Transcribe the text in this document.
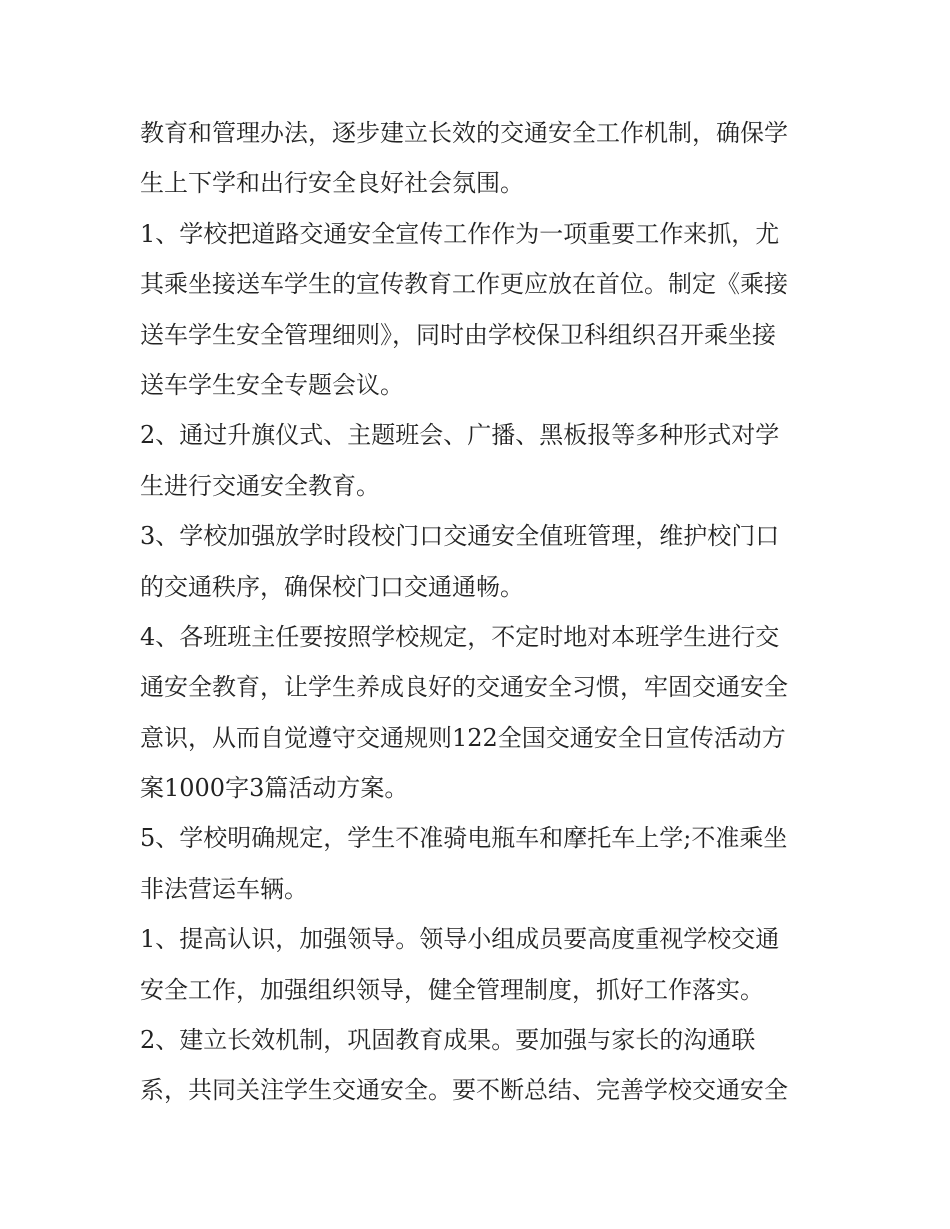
教育和管理办法，逐步建立长效的交通安全工作机制，确保学
生上下学和出行安全良好社会氛围。
1、学校把道路交通安全宣传工作作为一项重要工作来抓，尤
其乘坐接送车学生的宣传教育工作更应放在首位。制定《乘接
送车学生安全管理细则》，同时由学校保卫科组织召开乘坐接
送车学生安全专题会议。
2、通过升旗仪式、主题班会、广播、黑板报等多种形式对学
生进行交通安全教育。
3、学校加强放学时段校门口交通安全值班管理，维护校门口
的交通秩序，确保校门口交通通畅。
4、各班班主任要按照学校规定，不定时地对本班学生进行交
通安全教育，让学生养成良好的交通安全习惯，牢固交通安全
意识，从而自觉遵守交通规则122全国交通安全日宣传活动方
案1000字3篇活动方案。
5、学校明确规定，学生不准骑电瓶车和摩托车上学;不准乘坐
非法营运车辆。
1、提高认识，加强领导。领导小组成员要高度重视学校交通
安全工作，加强组织领导，健全管理制度，抓好工作落实。
2、建立长效机制，巩固教育成果。要加强与家长的沟通联
系，共同关注学生交通安全。要不断总结、完善学校交通安全
